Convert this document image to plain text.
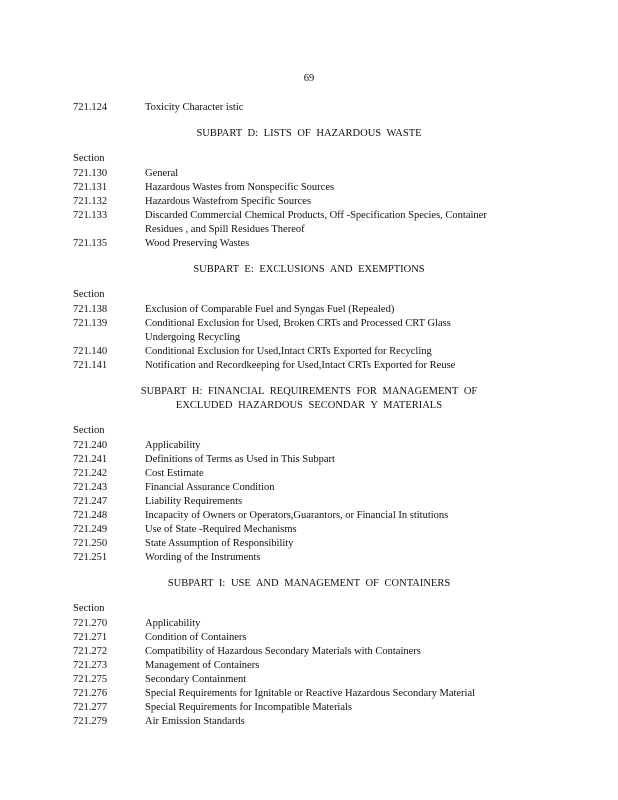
69
721.124	Toxicity Character istic
SUBPART D: LISTS OF HAZARDOUS WASTE
Section
721.130	General
721.131	Hazardous Wastes from Nonspecific Sources
721.132	Hazardous Wastefrom Specific Sources
721.133	Discarded Commercial Chemical Products, Off -Specification Species, Container
Residues , and Spill Residues Thereof
721.135	Wood Preserving Wastes
SUBPART E: EXCLUSIONS AND EXEMPTIONS
Section
721.138	Exclusion of Comparable Fuel and Syngas Fuel (Repealed)
721.139	Conditional Exclusion for Used, Broken CRTs and Processed CRT Glass
Undergoing Recycling
721.140	Conditional Exclusion for Used,Intact CRTs Exported for Recycling
721.141	Notification and Recordkeeping for Used,Intact CRTs Exported for Reuse
SUBPART H: FINANCIAL REQUIREMENTS FOR MANAGEMENT OF
EXCLUDED HAZARDOUS SECONDAR Y MATERIALS
Section
721.240	Applicability
721.241	Definitions of Terms as Used in This Subpart
721.242	Cost Estimate
721.243	Financial Assurance Condition
721.247	Liability Requirements
721.248	Incapacity of Owners or Operators,Guarantors, or Financial In stitutions
721.249	Use of State -Required Mechanisms
721.250	State Assumption of Responsibility
721.251	Wording of the Instruments
SUBPART I: USE AND MANAGEMENT OF CONTAINERS
Section
721.270	Applicability
721.271	Condition of Containers
721.272	Compatibility of Hazardous Secondary Materials with Containers
721.273	Management of Containers
721.275	Secondary Containment
721.276	Special Requirements for Ignitable or Reactive Hazardous Secondary Material
721.277	Special Requirements for Incompatible Materials
721.279	Air Emission Standards
